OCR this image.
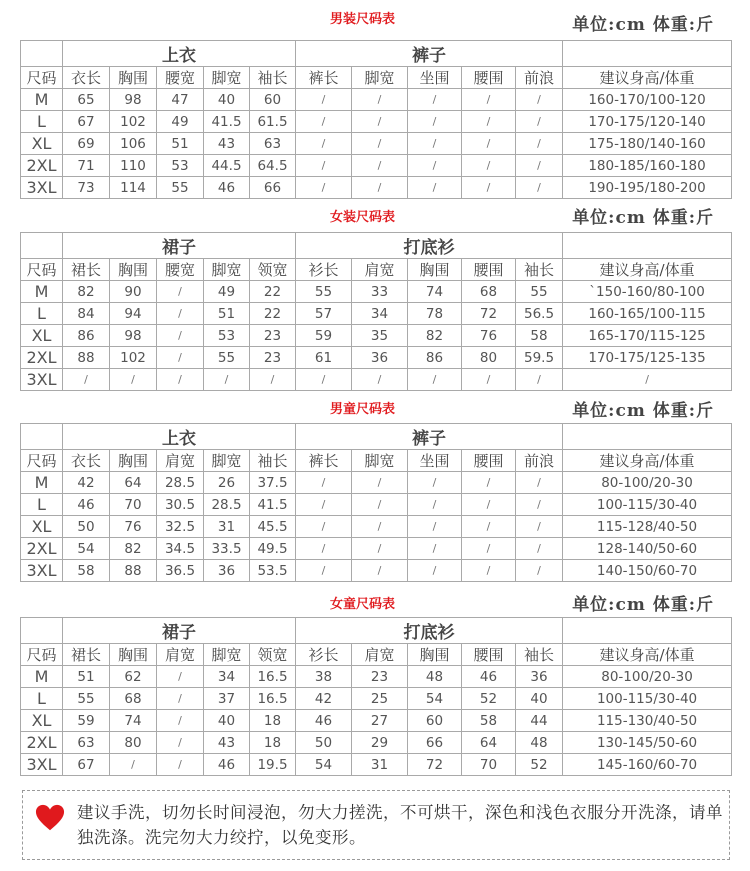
男装尺码表	单位:cm 体重:斤
	上衣					裤子					
尺码	衣长	胸围	腰宽	脚宽	袖长	裤长	脚宽	坐围	腰围	前浪	建议身高/体重
M	65	98	47	40	60	/	/	/	/	/	160-170/100-120
L	67	102	49	41.5	61.5	/	/	/	/	/	170-175/120-140
XL	69	106	51	43	63	/	/	/	/	/	175-180/140-160
2XL	71	110	53	44.5	64.5	/	/	/	/	/	180-185/160-180
3XL	73	114	55	46	66	/	/	/	/	/	190-195/180-200
女装尺码表	单位:cm 体重:斤
	裙子					打底衫					
尺码	裙长	胸围	腰宽	脚宽	领宽	衫长	肩宽	胸围	腰围	袖长	建议身高/体重
M	82	90	/	49	22	55	33	74	68	55	`150-160/80-100
L	84	94	/	51	22	57	34	78	72	56.5	160-165/100-115
XL	86	98	/	53	23	59	35	82	76	58	165-170/115-125
2XL	88	102	/	55	23	61	36	86	80	59.5	170-175/125-135
3XL	/	/	/	/	/	/	/	/	/	/	/
男童尺码表	单位:cm 体重:斤
	上衣					裤子					
尺码	衣长	胸围	肩宽	脚宽	袖长	裤长	脚宽	坐围	腰围	前浪	建议身高/体重
M	42	64	28.5	26	37.5	/	/	/	/	/	80-100/20-30
L	46	70	30.5	28.5	41.5	/	/	/	/	/	100-115/30-40
XL	50	76	32.5	31	45.5	/	/	/	/	/	115-128/40-50
2XL	54	82	34.5	33.5	49.5	/	/	/	/	/	128-140/50-60
3XL	58	88	36.5	36	53.5	/	/	/	/	/	140-150/60-70
女童尺码表	单位:cm 体重:斤
	裙子					打底衫					
尺码	裙长	胸围	肩宽	脚宽	领宽	衫长	肩宽	胸围	腰围	袖长	建议身高/体重
M	51	62	/	34	16.5	38	23	48	46	36	80-100/20-30
L	55	68	/	37	16.5	42	25	54	52	40	100-115/30-40
XL	59	74	/	40	18	46	27	60	58	44	115-130/40-50
2XL	63	80	/	43	18	50	29	66	64	48	130-145/50-60
3XL	67	/	/	46	19.5	54	31	72	70	52	145-160/60-70
建议手洗，切勿长时间浸泡，勿大力搓洗，不可烘干，深色和浅色衣服分开洗涤，请单独洗涤。洗完勿大力绞拧，以免变形。
